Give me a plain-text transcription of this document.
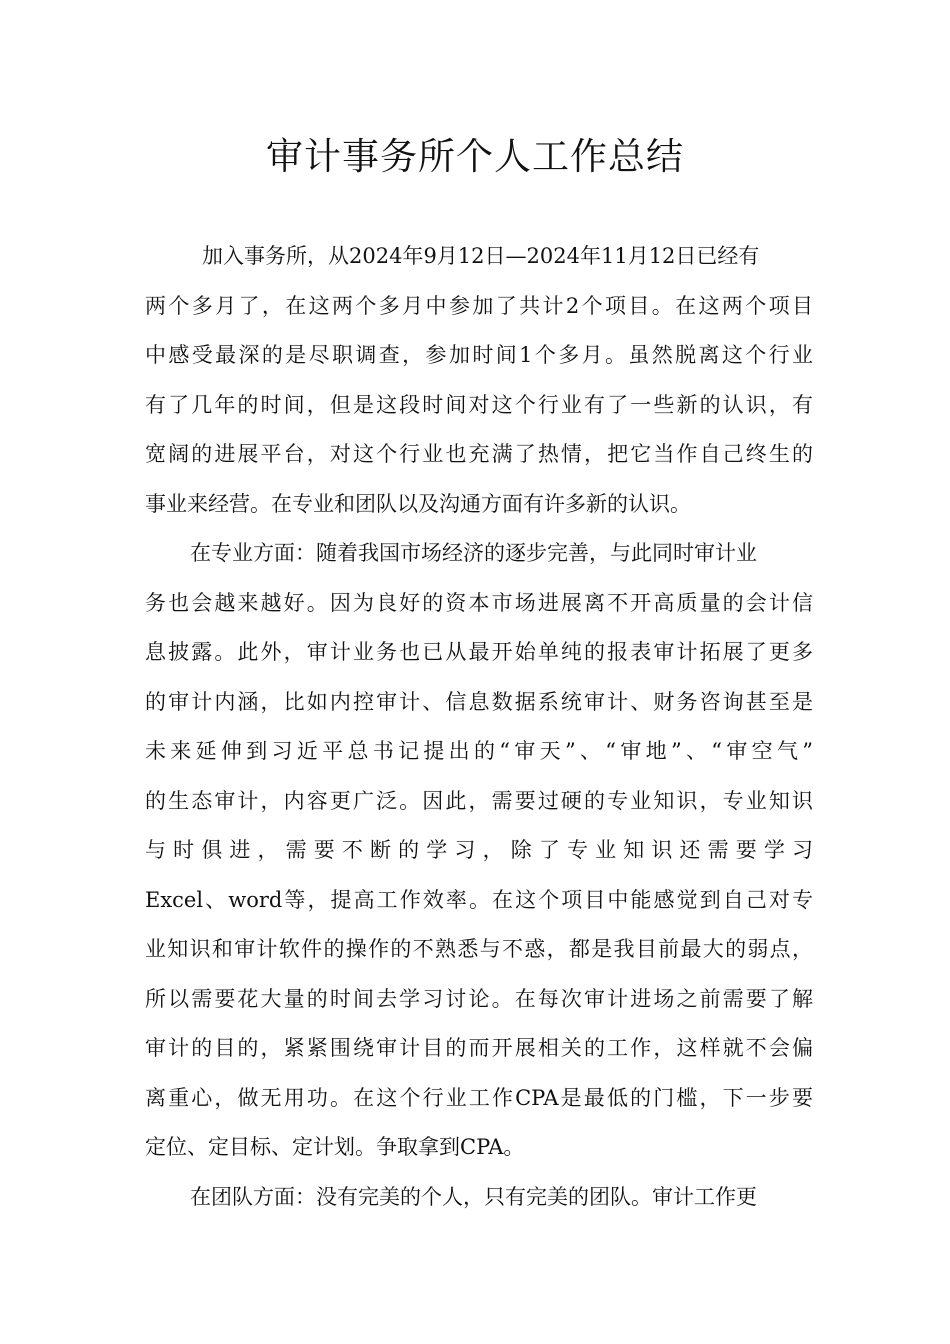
审计事务所个人工作总结
加入事务所，从2024年9月12日—2024年11月12日已经有
两个多月了，在这两个多月中参加了共计2个项目。在这两个项目
中感受最深的是尽职调查，参加时间1个多月。虽然脱离这个行业
有了几年的时间，但是这段时间对这个行业有了一些新的认识，有
宽阔的进展平台，对这个行业也充满了热情，把它当作自己终生的
事业来经营。在专业和团队以及沟通方面有许多新的认识。
在专业方面：随着我国市场经济的逐步完善，与此同时审计业
务也会越来越好。因为良好的资本市场进展离不开高质量的会计信
息披露。此外，审计业务也已从最开始单纯的报表审计拓展了更多
的审计内涵，比如内控审计、信息数据系统审计、财务咨询甚至是
未来延伸到习近平总书记提出的“审天”、“审地”、“审空气”
的生态审计，内容更广泛。因此，需要过硬的专业知识，专业知识
与时俱进，需要不断的学习，除了专业知识还需要学习
Excel、word等，提高工作效率。在这个项目中能感觉到自己对专
业知识和审计软件的操作的不熟悉与不惑，都是我目前最大的弱点，
所以需要花大量的时间去学习讨论。在每次审计进场之前需要了解
审计的目的，紧紧围绕审计目的而开展相关的工作，这样就不会偏
离重心，做无用功。在这个行业工作CPA是最低的门槛，下一步要
定位、定目标、定计划。争取拿到CPA。
在团队方面：没有完美的个人，只有完美的团队。审计工作更
